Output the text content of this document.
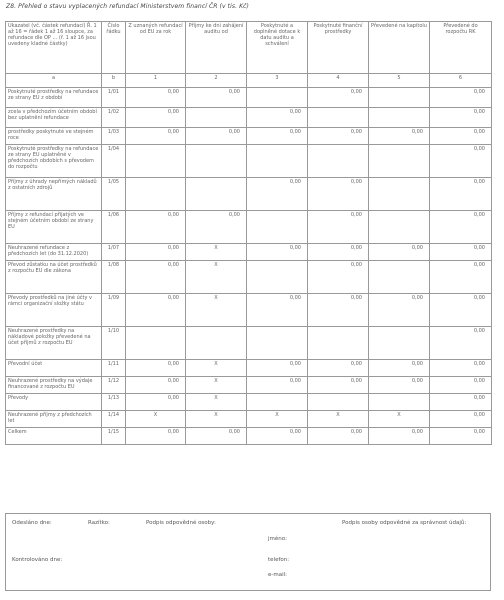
Z8. Přehled o stavu vyplacených refundací Ministerstvem financí ČR (v tis. Kč)
Ukazatel (vč. částek refundací) Ř. 1 až 16 = řádek 1 až 16 sloupce, za refundace dle OP ... (ř. 1 až 16 jsou uvedeny kladné částky)	Číslo řádku	Z uznaných refundací od EU za rok	Příjmy ke dni zahájení auditu od	Poskytnuté a doplněné dotace k datu auditu a schválení	Poskytnuté finanční prostředky	Převedené na kapitolu	Převedené do rozpočtu RK
a	b	1	2	3	4	5	6
Poskytnuté prostředky na refundace ze strany EU z období	1/01	0,00	0,00		0,00		0,00
zcela v předchozím účetním období bez uplatnění refundace	1/02	0,00		0,00			0,00
prostředky poskytnuté ve stejném roce	1/03	0,00	0,00	0,00	0,00	0,00	0,00
Poskytnuté prostředky na refundace ze strany EU uplatněné v předchozích obdobích s převodem do rozpočtu	1/04						0,00
Příjmy z úhrady nepřímých nákladů z ostatních zdrojů	1/05			0,00	0,00		0,00
Příjmy z refundací přijatých ve stejném účetním období ze strany EU	1/06	0,00	0,00		0,00		0,00
Neuhrazené refundace z předchozích let (do 31.12.2020)	1/07	0,00	X	0,00	0,00	0,00	0,00
Převod zůstatku na účet prostředků z rozpočtu EU dle zákona	1/08	0,00	X		0,00		0,00
Převody prostředků na jiné účty v rámci organizační složky státu	1/09	0,00	X	0,00	0,00	0,00	0,00
Neuhrazené prostředky na nákladové položky převedené na účet příjmů z rozpočtu EU	1/10						0,00
Převodní účet	1/11	0,00	X	0,00	0,00	0,00	0,00
Neuhrazené prostředky na výdaje financované z rozpočtu EU	1/12	0,00	X	0,00	0,00	0,00	0,00
Převody	1/13	0,00	X				0,00
Neuhrazené příjmy z předchozích let	1/14	X	X	X	X	X	0,00
Celkem	1/15	0,00	0,00	0,00	0,00	0,00	0,00
Odesláno dne:	Razítko:	Podpis odpovědné osoby:	Podpis osoby odpovědné za správnost údajů:
Kontrolováno dne:
jméno:
telefon:
e-mail:
